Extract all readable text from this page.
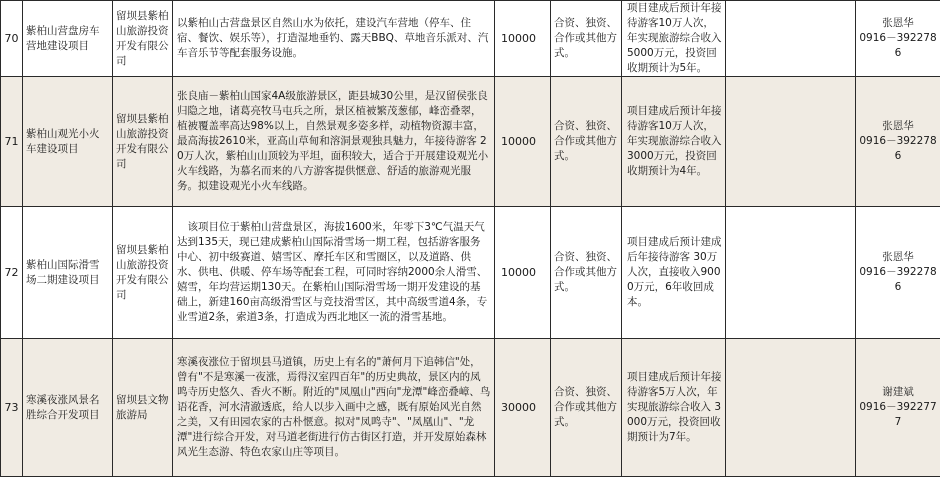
70	紫柏山营盘房车营地建设项目	留坝县紫柏山旅游投资开发有限公司	以紫柏山古营盘景区自然山水为依托，建设汽车营地（停车、住宿、餐饮、娱乐等），打造湿地垂钓、露天BBQ、草地音乐派对、汽车音乐节等配套服务设施。	10000	合资、独资、合作或其他方式。	项目建成后预计年接待游客10万人次，年实现旅游综合收入 5000万元，投资回收期预计为5年。		张恩华
0916－3922786

71	紫柏山观光小火车建设项目	留坝县紫柏山旅游投资开发有限公司	张良庙－紫柏山国家4A级旅游景区，距县城30公里，是汉留侯张良归隐之地，诸葛亮牧马屯兵之所，景区植被繁茂葱郁，峰峦叠翠，植被覆盖率高达98%以上，自然景观多姿多样，动植物资源丰富，最高海拔2610米，亚高山草甸和溶洞景观独具魅力，年接待游客 20万人次，紫柏山山顶较为平坦，面积较大，适合于开展建设观光小火车线路，为慕名而来的八方游客提供惬意、舒适的旅游观光服务。拟建设观光小火车线路。	10000	合资、独资、合作或其他方式。	项目建成后预计年接待游客10万人次，年实现旅游综合收入 3000万元，投资回收期预计为4年。		张恩华
0916－3922786

72	紫柏山国际滑雪场二期建设项目	留坝县紫柏山旅游投资开发有限公司	该项目位于紫柏山营盘景区，海拔1600米，年零下3℃气温天气达到135天，现已建成紫柏山国际滑雪场一期工程，包括游客服务中心、初中级赛道、嬉雪区、摩托车区和雪圈区，以及道路、供水、供电、供暖、停车场等配套工程，可同时容纳2000余人滑雪、嬉雪，年均营运期130天。在紫柏山国际滑雪场一期开发建设的基础上，新建160亩高级滑雪区与竞技滑雪区，其中高级雪道4条，专业雪道2条，索道3条，打造成为西北地区一流的滑雪基地。	10000	合资、独资、合作或其他方式。	项目建成后预计建成后年接待游客 30万人次，直接收入9000万元，6年收回成本。		张恩华
0916－3922786

73	寒溪夜涨风景名胜综合开发项目	留坝县文物旅游局	寒溪夜涨位于留坝县马道镇，历史上有名的"萧何月下追韩信"处，曾有"不是寒溪一夜涨，焉得汉室四百年"的历史典故，景区内的凤鸣寺历史悠久、香火不断。附近的"凤凰山"西向"龙潭"峰峦叠嶂、鸟语花香，河水清澈透底，给人以步入画中之感，既有原始风光自然之美，又有田园农家的古朴惬意。拟对"凤鸣寺"、"凤凰山"、"龙潭"进行综合开发，对马道老街进行仿古街区打造，并开发原始森林风光生态游、特色农家山庄等项目。	30000	合资、独资、合作或其他方式。	项目建成后预计年接待游客5万人次，年实现旅游综合收入 3000万元，投资回收期预计为7年。		谢建斌
0916－3922777
